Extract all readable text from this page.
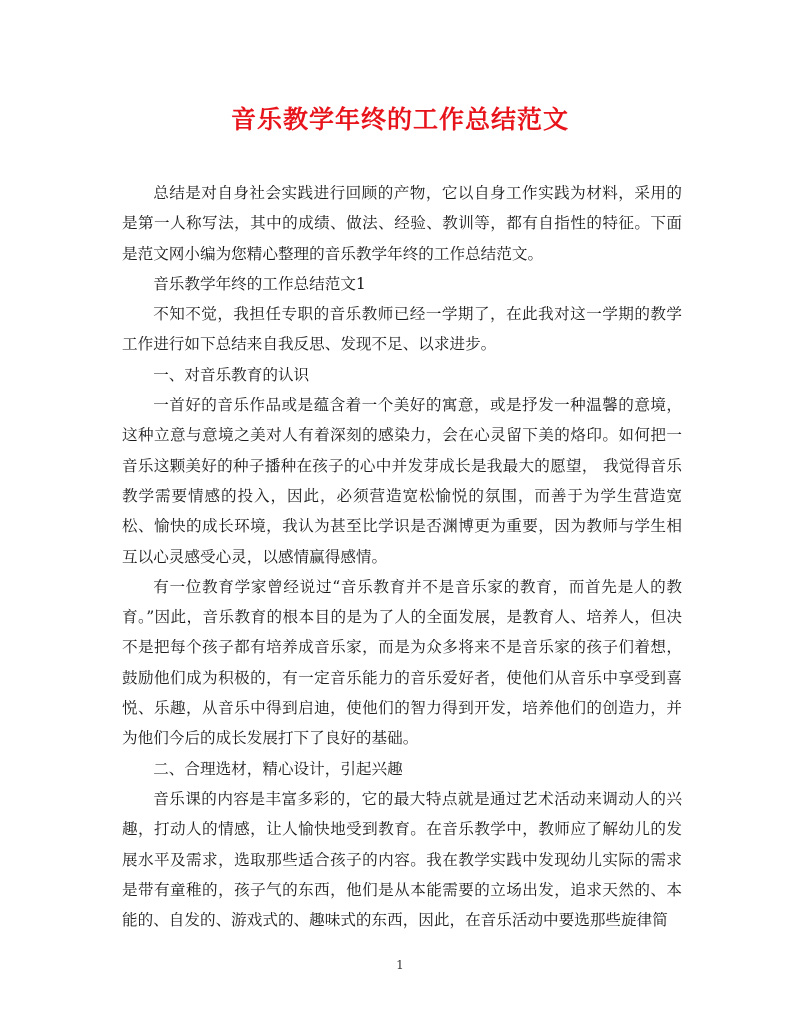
音乐教学年终的工作总结范文

总结是对自身社会实践进行回顾的产物，它以自身工作实践为材料，采用的是第一人称写法，其中的成绩、做法、经验、教训等，都有自指性的特征。下面是范文网小编为您精心整理的音乐教学年终的工作总结范文。

音乐教学年终的工作总结范文1

不知不觉，我担任专职的音乐教师已经一学期了，在此我对这一学期的教学工作进行如下总结来自我反思、发现不足、以求进步。

一、对音乐教育的认识

一首好的音乐作品或是蕴含着一个美好的寓意，或是抒发一种温馨的意境，这种立意与意境之美对人有着深刻的感染力，会在心灵留下美的烙印。如何把一音乐这颗美好的种子播种在孩子的心中并发芽成长是我最大的愿望， 我觉得音乐教学需要情感的投入，因此，必须营造宽松愉悦的氛围，而善于为学生营造宽松、愉快的成长环境，我认为甚至比学识是否渊博更为重要，因为教师与学生相互以心灵感受心灵，以感情赢得感情。

有一位教育学家曾经说过“音乐教育并不是音乐家的教育，而首先是人的教育。”因此，音乐教育的根本目的是为了人的全面发展，是教育人、培养人，但决不是把每个孩子都有培养成音乐家，而是为众多将来不是音乐家的孩子们着想，鼓励他们成为积极的，有一定音乐能力的音乐爱好者，使他们从音乐中享受到喜悦、乐趣，从音乐中得到启迪，使他们的智力得到开发，培养他们的创造力，并为他们今后的成长发展打下了良好的基础。

二、合理选材，精心设计，引起兴趣

音乐课的内容是丰富多彩的，它的最大特点就是通过艺术活动来调动人的兴趣，打动人的情感，让人愉快地受到教育。在音乐教学中，教师应了解幼儿的发展水平及需求，选取那些适合孩子的内容。我在教学实践中发现幼儿实际的需求是带有童稚的，孩子气的东西，他们是从本能需要的立场出发，追求天然的、本能的、自发的、游戏式的、趣味式的东西，因此，在音乐活动中要选那些旋律简

1
